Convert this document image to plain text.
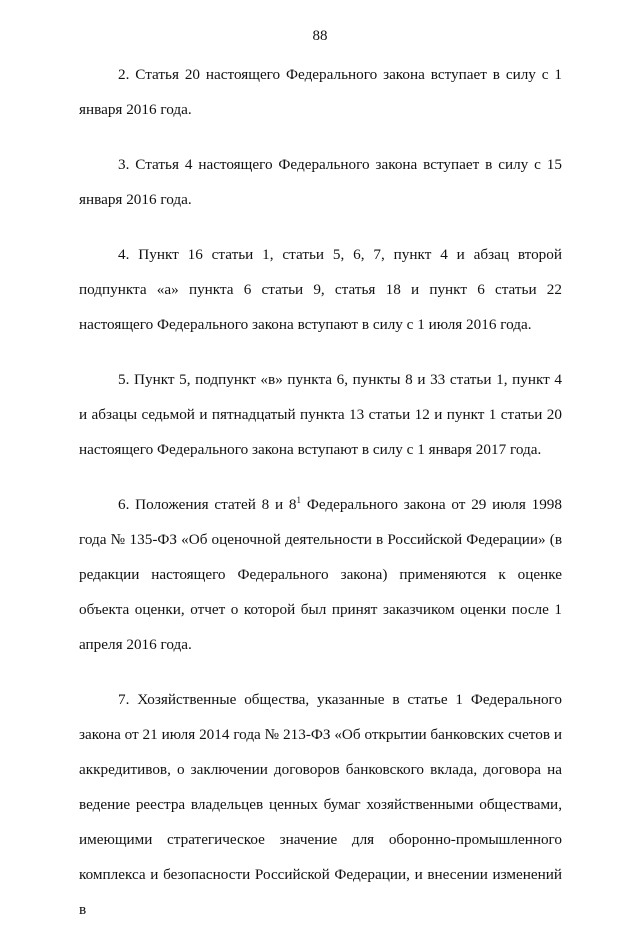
88

2. Статья 20 настоящего Федерального закона вступает в силу с 1 января 2016 года.

3. Статья 4 настоящего Федерального закона вступает в силу с 15 января 2016 года.

4. Пункт 16 статьи 1, статьи 5, 6, 7, пункт 4 и абзац второй подпункта «а» пункта 6 статьи 9, статья 18 и пункт 6 статьи 22 настоящего Федерального закона вступают в силу с 1 июля 2016 года.

5. Пункт 5, подпункт «в» пункта 6, пункты 8 и 33 статьи 1, пункт 4 и абзацы седьмой и пятнадцатый пункта 13 статьи 12 и пункт 1 статьи 20 настоящего Федерального закона вступают в силу с 1 января 2017 года.

6. Положения статей 8 и $8^1$ Федерального закона от 29 июля 1998 года № 135-ФЗ «Об оценочной деятельности в Российской Федерации» (в редакции настоящего Федерального закона) применяются к оценке объекта оценки, отчет о которой был принят заказчиком оценки после 1 апреля 2016 года.

7. Хозяйственные общества, указанные в статье 1 Федерального закона от 21 июля 2014 года № 213-ФЗ «Об открытии банковских счетов и аккредитивов, о заключении договоров банковского вклада, договора на ведение реестра владельцев ценных бумаг хозяйственными обществами, имеющими стратегическое значение для оборонно-промышленного комплекса и безопасности Российской Федерации, и внесении изменений в
